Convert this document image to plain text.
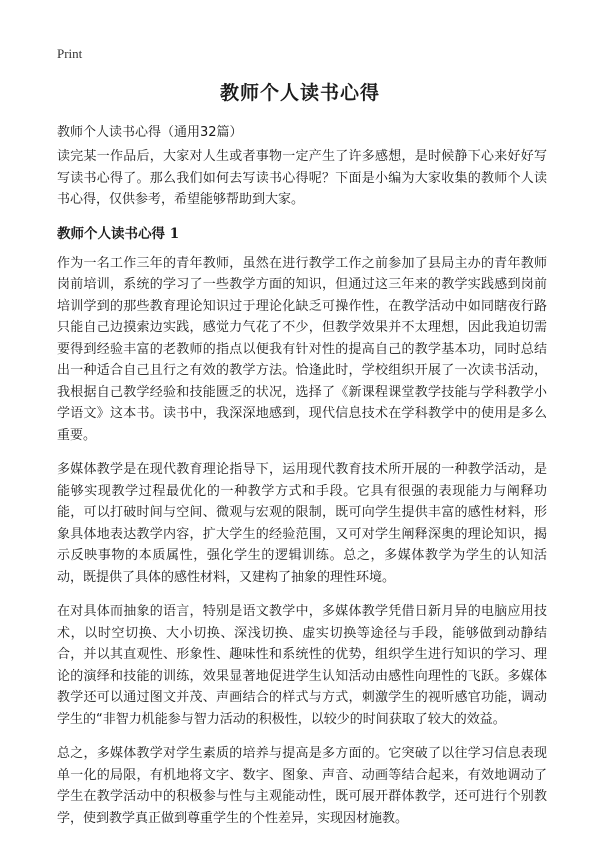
Print
教师个人读书心得

教师个人读书心得（通用32篇）

读完某一作品后，大家对人生或者事物一定产生了许多感想，是时候静下心来好好写写读书心得了。那么我们如何去写读书心得呢？下面是小编为大家收集的教师个人读书心得，仅供参考，希望能够帮助到大家。

教师个人读书心得 1

作为一名工作三年的青年教师，虽然在进行教学工作之前参加了县局主办的青年教师岗前培训，系统的学习了一些教学方面的知识，但通过这三年来的教学实践感到岗前培训学到的那些教育理论知识过于理论化缺乏可操作性，在教学活动中如同瞎夜行路只能自己边摸索边实践，感觉力气花了不少，但教学效果并不太理想，因此我迫切需要得到经验丰富的老教师的指点以便我有针对性的提高自己的教学基本功，同时总结出一种适合自己且行之有效的教学方法。恰逢此时，学校组织开展了一次读书活动，我根据自己教学经验和技能匮乏的状况，选择了《新课程课堂教学技能与学科教学小学语文》这本书。读书中，我深深地感到，现代信息技术在学科教学中的使用是多么重要。

多媒体教学是在现代教育理论指导下，运用现代教育技术所开展的一种教学活动，是能够实现教学过程最优化的一种教学方式和手段。它具有很强的表现能力与阐释功能，可以打破时间与空间、微观与宏观的限制，既可向学生提供丰富的感性材料，形象具体地表达教学内容，扩大学生的经验范围，又可对学生阐释深奥的理论知识，揭示反映事物的本质属性，强化学生的逻辑训练。总之，多媒体教学为学生的认知活动，既提供了具体的感性材料，又建构了抽象的理性环境。

在对具体而抽象的语言，特别是语文教学中，多媒体教学凭借日新月异的电脑应用技术，以时空切换、大小切换、深浅切换、虚实切换等途径与手段，能够做到动静结合，并以其直观性、形象性、趣味性和系统性的优势，组织学生进行知识的学习、理论的演绎和技能的训练，效果显著地促进学生认知活动由感性向理性的飞跃。多媒体教学还可以通过图文并茂、声画结合的样式与方式，刺激学生的视听感官功能，调动学生的“非智力机能参与智力活动的积极性，以较少的时间获取了较大的效益。

总之，多媒体教学对学生素质的培养与提高是多方面的。它突破了以往学习信息表现单一化的局限，有机地将文字、数字、图象、声音、动画等结合起来，有效地调动了学生在教学活动中的积极参与性与主观能动性，既可展开群体教学，还可进行个别教学，使到教学真正做到尊重学生的个性差异，实现因材施教。
